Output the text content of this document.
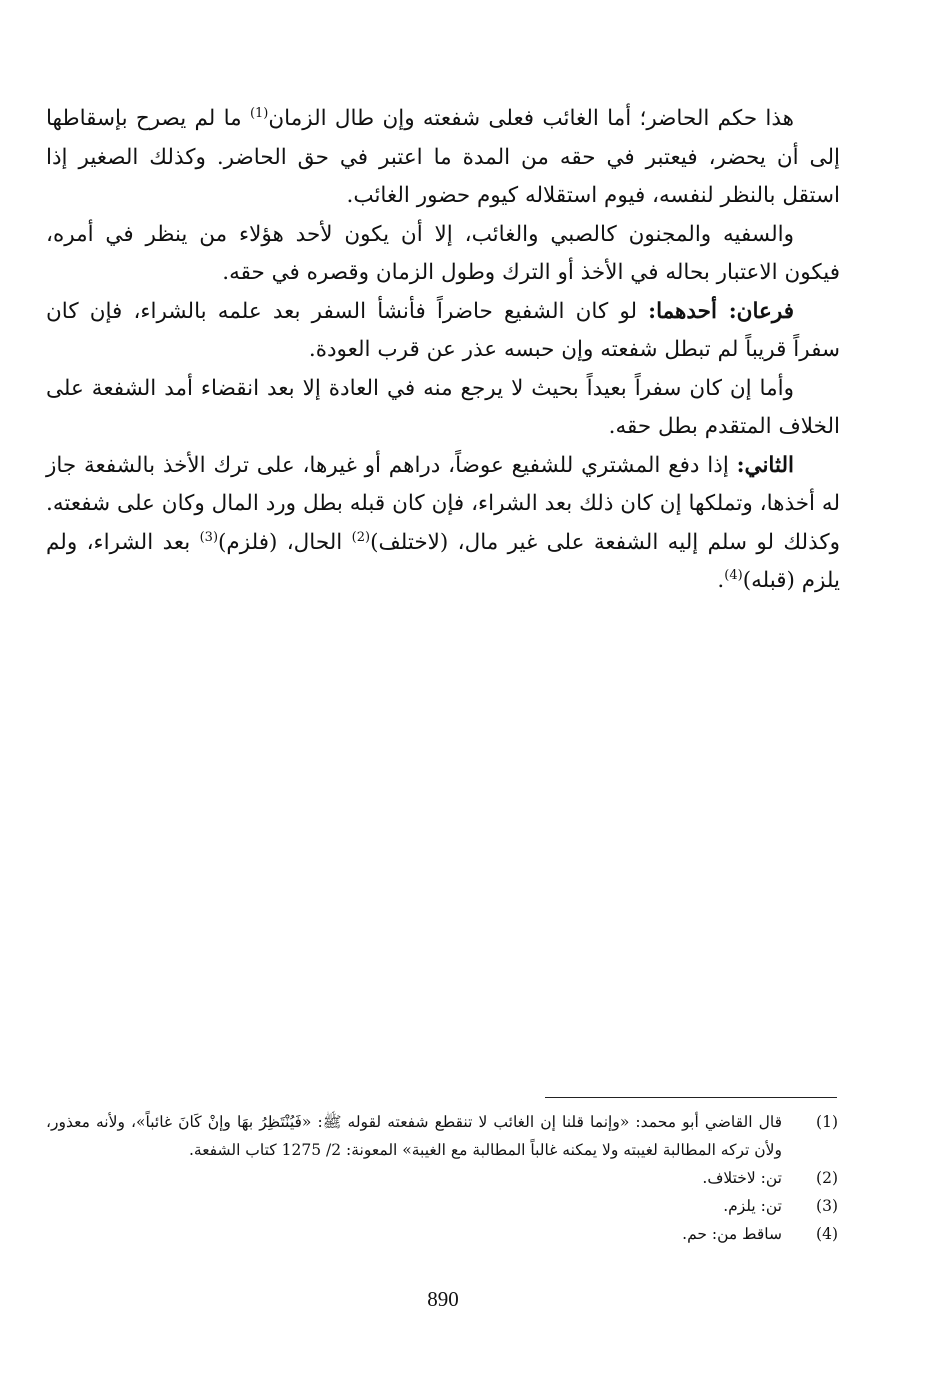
هذا حكم الحاضر؛ أما الغائب فعلى شفعته وإن طال الزمان$^{(1)}$ ما لم يصرح بإسقاطها إلى أن يحضر، فيعتبر في حقه من المدة ما اعتبر في حق الحاضر. وكذلك الصغير إذا استقل بالنظر لنفسه، فيوم استقلاله كيوم حضور الغائب.

والسفيه والمجنون كالصبي والغائب، إلا أن يكون لأحد هؤلاء من ينظر في أمره، فيكون الاعتبار بحاله في الأخذ أو الترك وطول الزمان وقصره في حقه.

فرعان: أحدهما: لو كان الشفيع حاضراً فأنشأ السفر بعد علمه بالشراء، فإن كان سفراً قريباً لم تبطل شفعته وإن حبسه عذر عن قرب العودة.

وأما إن كان سفراً بعيداً بحيث لا يرجع منه في العادة إلا بعد انقضاء أمد الشفعة على الخلاف المتقدم بطل حقه.

الثاني: إذا دفع المشتري للشفيع عوضاً، دراهم أو غيرها، على ترك الأخذ بالشفعة جاز له أخذها، وتملكها إن كان ذلك بعد الشراء، فإن كان قبله بطل ورد المال وكان على شفعته. وكذلك لو سلم إليه الشفعة على غير مال، (لاختلف)$^{(2)}$ الحال، (فلزم)$^{(3)}$ بعد الشراء، ولم يلزم (قبله)$^{(4)}$.

(1)
قال القاضي أبو محمد: «وإنما قلنا إن الغائب لا تنقطع شفعته لقوله ﷺ: «فَيُنْتَظِرُ بهَا وإنْ كَانَ غائباً»، ولأنه معذور، ولأن تركه المطالبة لغيبته ولا يمكنه غالباً المطالبة مع الغيبة» المعونة: 2/ 1275 كتاب الشفعة.

(2)
تن: لاختلاف.

(3)
تن: يلزم.

(4)
ساقط من: حم.

890
